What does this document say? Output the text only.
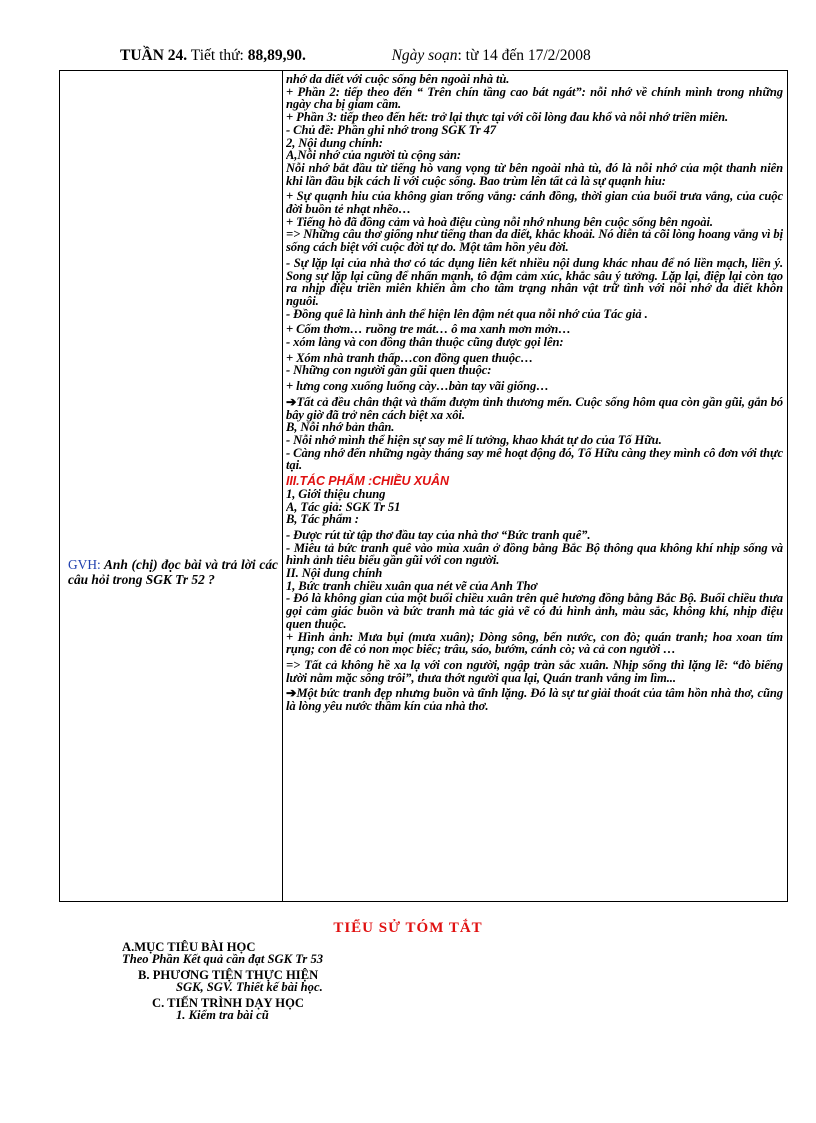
TUẦN 24. Tiết thứ: 88,89,90.	Ngày soạn: từ 14 đến 17/2/2008
GVH: Anh (chị) đọc bài và trả lời các câu hỏi trong SGK Tr 52 ?

nhớ da diết với cuộc sống bên ngoài nhà tù.

+ Phần 2: tiếp theo đến “ Trên chín tầng cao bát ngát”: nỗi nhớ về chính mình trong những ngày cha bị giam cầm.

+ Phần 3: tiếp theo đến hết: trở lại thực tại với cõi lòng đau khổ và nỗi nhớ triền miên.

- Chủ đề: Phần ghi nhớ trong SGK Tr 47

2, Nội dung chính:

A,Nỗi nhớ của người tù cộng sản:

Nỗi nhớ bắt đầu từ tiếng hò vang vọng từ bên ngoài nhà tù, đó là nỗi nhớ của một thanh niên khi lần đầu bịk cách li với cuộc sống. Bao trùm lên tất cả là sự quạnh hiu:

+ Sự quạnh hiu của không gian trống vắng: cánh đồng, thời gian của buổi trưa vắng, của cuộc đời buồn tẻ nhạt nhẽo…

+ Tiếng hò đã đồng cảm và hoà điệu cùng nỗi nhớ nhung bên cuộc sống bên ngoài.

=> Những câu thơ giống như tiếng than da diết, khắc khoải. Nó diễn tả cõi lòng hoang vắng vì bị sống cách biệt với cuộc đời tự do. Một tâm hồn yêu đời.

- Sự lặp lại của nhà thơ có tác dụng liên kết nhiều nội dung khác nhau để nó liền mạch, liền ý. Song sự lặp lại cũng để nhấn mạnh, tô đậm cảm xúc, khắc sâu ý tưởng. Lặp lại, điệp lại còn tạo ra nhịp điệu triền miên khiến âm cho tâm trạng nhân vật trữ tình với nỗi nhớ da diết khôn nguôi.

- Đồng quê là hình ảnh thể hiện lên đậm nét qua nỗi nhớ của Tác giả .

+ Cốm thơm… ruồng tre mát… ô ma xanh mơn mởn…

- xóm làng và con đồng thân thuộc cũng được gọi lên:

+ Xóm nhà tranh thấp…con đồng quen thuộc…

- Những con người gần gũi quen thuộc:

+ lưng cong xuống luống cày…bàn tay vãi giống…

➔Tất cả đều chân thật và thấm đượm tình thương mến. Cuộc sống hôm qua còn gần gũi, gắn bó bây giờ đã trở nên cách biệt xa xôi.

B, Nỗi nhớ bản thân.

- Nỗi nhớ mình thể hiện sự say mê lí tưởng, khao khát tự do của Tố Hữu.

- Càng nhớ đến những ngày tháng say mê hoạt động đó, Tố Hữu càng they mình cô đơn với thực tại.

III.TÁC PHẨM :CHIỀU XUÂN

1, Giới thiệu chung

A, Tác giả: SGK Tr 51

B, Tác phẩm :

- Được rút từ tập thơ đầu tay của nhà thơ “Bức tranh quê”.

- Miêu tả bức tranh quê vào mùa xuân ở đồng bằng Bắc Bộ thông qua không khí nhịp sống và hình ảnh tiêu biểu gần gũi với con người.

II. Nội dung chính

1, Bức tranh chiều xuân qua nét vẽ của Anh Thơ

- Đó là không gian của một buổi chiều xuân trên quê hương đồng bằng Bắc Bộ. Buổi chiều thưa gọi cảm giác buồn và bức tranh mà tác giả vẽ có đủ hình ảnh, màu sắc, không khí, nhịp điệu quen thuộc.

+ Hình ảnh: Mưa bụi (mưa xuân); Dòng sông, bến nước, con đò; quán tranh; hoa xoan tím rụng; con đê cỏ non mọc biếc; trâu, sáo, bướm, cánh cò; và cả con người …

=> Tất cả không hề xa lạ với con người, ngập tràn sắc xuân. Nhịp sống thì lặng lẽ: “đò biếng lười nằm mặc sông trôi”, thưa thớt người qua lại, Quán tranh vắng im lìm...

➔Một bức tranh đẹp nhưng buồn và tĩnh lặng. Đó là sự tư giải thoát của tâm hồn nhà thơ, cũng là lòng yêu nước thầm kín của nhà thơ.

TIỂU SỬ TÓM TẮT
A.MỤC TIÊU BÀI HỌC
Theo Phần Kết quả cần đạt SGK Tr 53
B. PHƯƠNG TIỆN THỰC HIỆN
SGK, SGV. Thiết kế bài học.
C. TIẾN TRÌNH DẠY HỌC
1. Kiểm tra bài cũ
